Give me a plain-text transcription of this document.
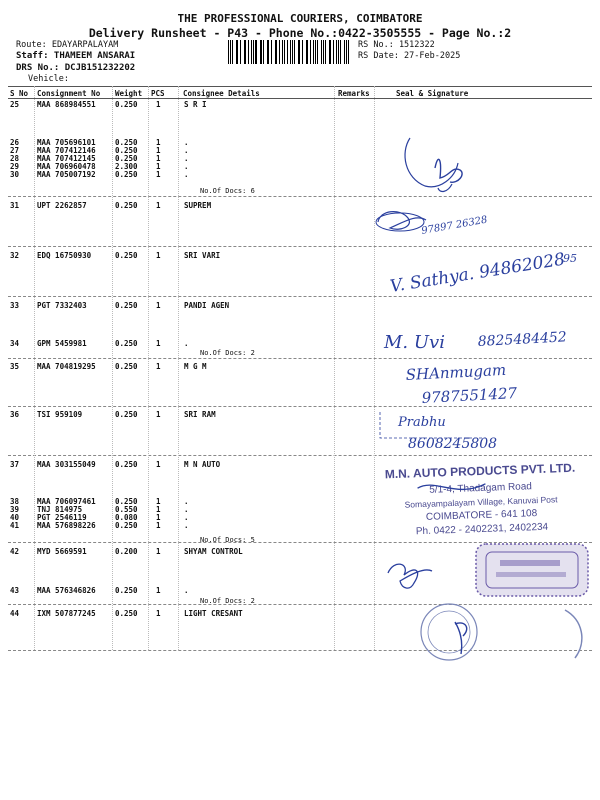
THE PROFESSIONAL COURIERS, COIMBATORE
Delivery Runsheet - P43 - Phone No.:0422-3505555 - Page No.:2
Route: EDAYARPALAYAM
Staff: THAMEEM ANSARAI
DRS No.: DCJB151232202
Vehicle:
RS No.: 1512322
RS Date: 27-Feb-2025
S No Consignment No Weight PCS Consignee Details	Remarks	Seal & Signature
25 MAA 868984551	0.250 1	S R I
26 MAA 705696101	0.250 1	.
27 MAA 707412146	0.250 1	.
28 MAA 707412145	0.250 1	.
29 MAA 706960478	2.300 1	.
30 MAA 705007192	0.250 1	.
31 UPT 2262857	0.250 1	SUPREM
32 EDQ 16750930	0.250 1	SRI VARI
33 PGT 7332403	0.250 1	PANDI AGEN
34 GPM 5459981	0.250 1	.
35 MAA 704819295	0.250 1	M G M
36 TSI 959109	0.250 1	SRI RAM
37 MAA 303155049	0.250 1	M N AUTO
38 MAA 706097461	0.250 1	.
39 TNJ 814975	0.550 1	.
40 PGT 2546119	0.080 1	.
41 MAA 576898226	0.250 1	.
42 MYD 5669591	0.200 1	SHYAM CONTROL
43 MAA 576346826	0.250 1	.
44 IXM 507877245	0.250 1	LIGHT CRESANT
No.Of Docs: 6
No.Of Docs: 2
No.Of Docs: 5
No.Of Docs: 2
97897 26328
V. Sathya. 94862028
95
M. Uvi 8825484452
SHAnmugam
9787551427
Prabhu
8608245808
M.N. AUTO PRODUCTS PVT. LTD.
5/1-4, Thadagam Road
Somayampalayam Village, Kanuvai Post
COIMBATORE - 641 108
Ph. 0422 - 2402231, 2402234
